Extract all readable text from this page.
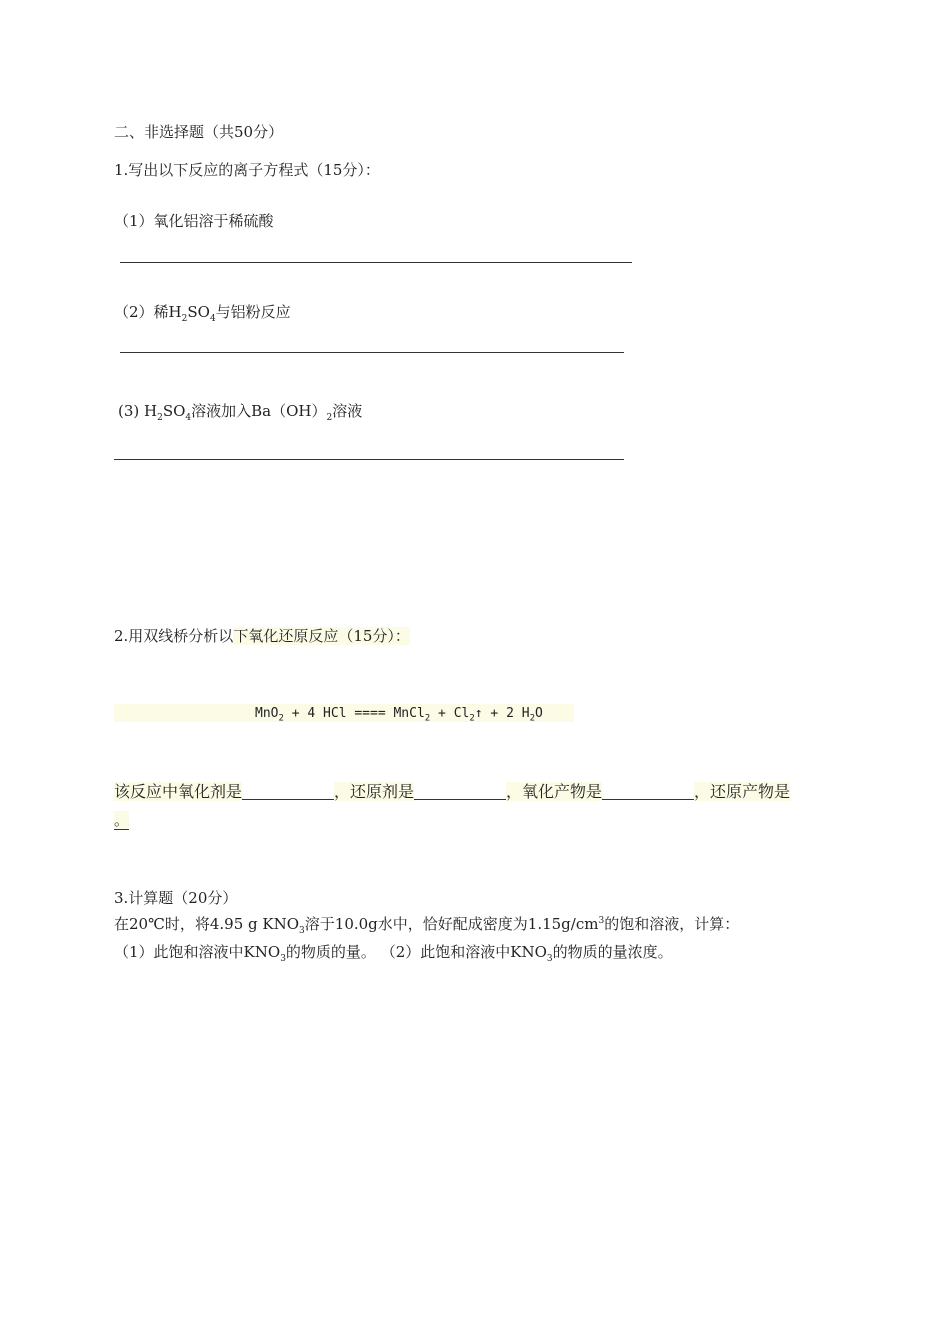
二、非选择题（共50分）
1.写出以下反应的离子方程式（15分）：
（1）氧化铝溶于稀硫酸
（2）稀$H_2SO_4$与铝粉反应
(3) $H_2SO_4$溶液加入$Ba(OH)_2$溶液
2.用双线桥分析以下氧化还原反应（15分）：
MnO$_2$ + 4 HCl ==== MnCl$_2$ + $Cl_2↑ + 2$ $H_2O$
该反应中氧化剂是	，还原剂是	，氧化产物是	，还原产物是
。
3.计算题（20分）
在20℃时，将4.95 g $KNO_3$溶于10.0g水中，恰好配成密度为$1.15g/cm^3$的饱和溶液，计算：
（1）此饱和溶液中$KNO_3$的物质的量。 （2）此饱和溶液中$KNO_3$的物质的量浓度。
